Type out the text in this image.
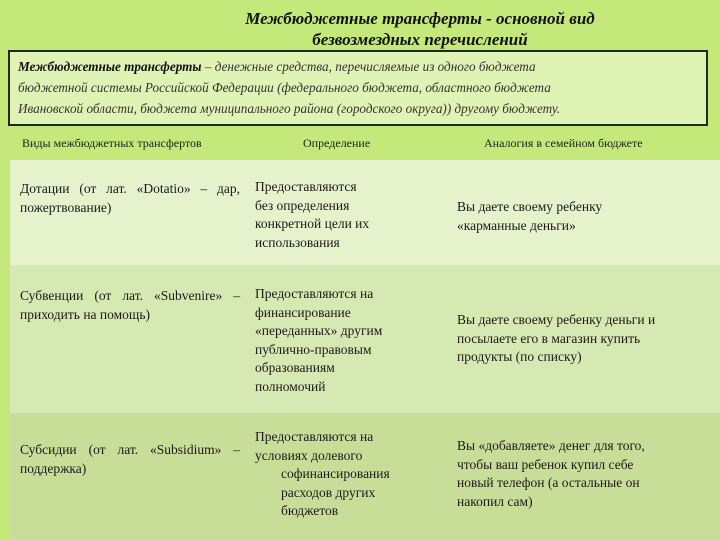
Межбюджетные трансферты - основной вид
безвозмездных перечислений
Межбюджетные трансферты – денежные средства, перечисляемые из одного бюджета
бюджетной системы Российской Федерации (федерального бюджета, областного бюджета
Ивановской области, бюджета муниципального района (городского округа)) другому бюджету.
Виды межбюджетных трансфертов	Определение	Аналогия в семейном бюджете
Дотации (от лат. «Dotatio» – дар, пожертвование)
Предоставляются
без определения
конкретной цели их
использования
Вы даете своему ребенку
«карманные деньги»
Субвенции (от лат. «Subvenire» – приходить на помощь)
Предоставляются на
финансирование
«переданных» другим
публично-правовым
образованиям
полномочий
Вы даете своему ребенку деньги и
посылаете его в магазин купить
продукты (по списку)
Субсидии (от лат. «Subsidium» – поддержка)
Предоставляются на
условиях долевого
софинансирования
расходов других
бюджетов
Вы «добавляете» денег для того,
чтобы ваш ребенок купил себе
новый телефон (а остальные он
накопил сам)
